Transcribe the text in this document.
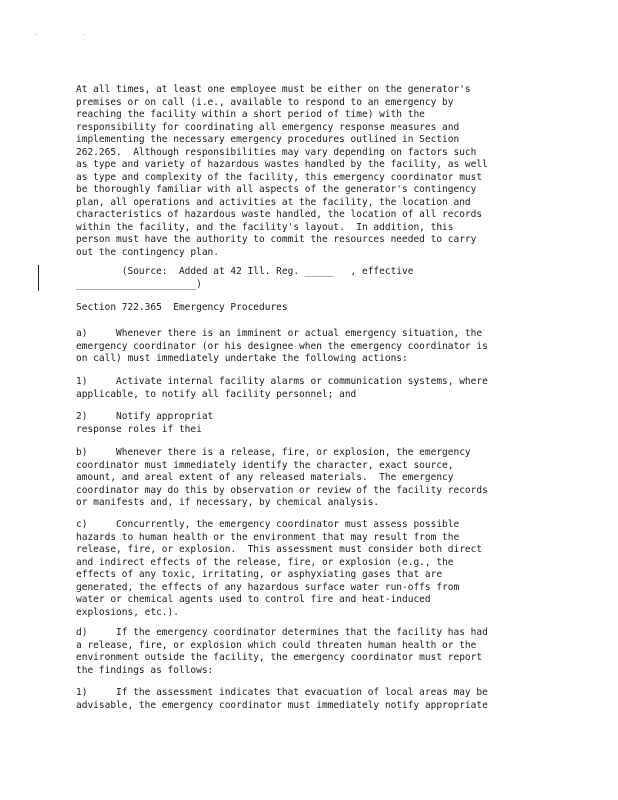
. .

At all times, at least one employee must be either on the generator's
premises or on call (i.e., available to respond to an emergency by
reaching the facility within a short period of time) with the
responsibility for coordinating all emergency response measures and
implementing the necessary emergency procedures outlined in Section
262.265.  Although responsibilities may vary depending on factors such
as type and variety of hazardous wastes handled by the facility, as well
as type and complexity of the facility, this emergency coordinator must
be thoroughly familiar with all aspects of the generator's contingency
plan, all operations and activities at the facility, the location and
characteristics of hazardous waste handled, the location of all records
within the facility, and the facility's layout.  In addition, this
person must have the authority to commit the resources needed to carry
out the contingency plan.

(Source:  Added at 42 Ill. Reg. _____   , effective
_____________________)

Section 722.365  Emergency Procedures

a)     Whenever there is an imminent or actual emergency situation, the
emergency coordinator (or his designee when the emergency coordinator is
on call) must immediately undertake the following actions:

1)     Activate internal facility alarms or communication systems, where
applicable, to notify all facility personnel; and

2)     Notify appropriat
response roles if thei

b)     Whenever there is a release, fire, or explosion, the emergency
coordinator must immediately identify the character, exact source,
amount, and areal extent of any released materials.  The emergency
coordinator may do this by observation or review of the facility records
or manifests and, if necessary, by chemical analysis.

c)     Concurrently, the emergency coordinator must assess possible
hazards to human health or the environment that may result from the
release, fire, or explosion.  This assessment must consider both direct
and indirect effects of the release, fire, or explosion (e.g., the
effects of any toxic, irritating, or asphyxiating gases that are
generated, the effects of any hazardous surface water run-offs from
water or chemical agents used to control fire and heat-induced
explosions, etc.).

d)     If the emergency coordinator determines that the facility has had
a release, fire, or explosion which could threaten human health or the
environment outside the facility, the emergency coordinator must report
the findings as follows:

1)     If the assessment indicates that evacuation of local areas may be
advisable, the emergency coordinator must immediately notify appropriate
